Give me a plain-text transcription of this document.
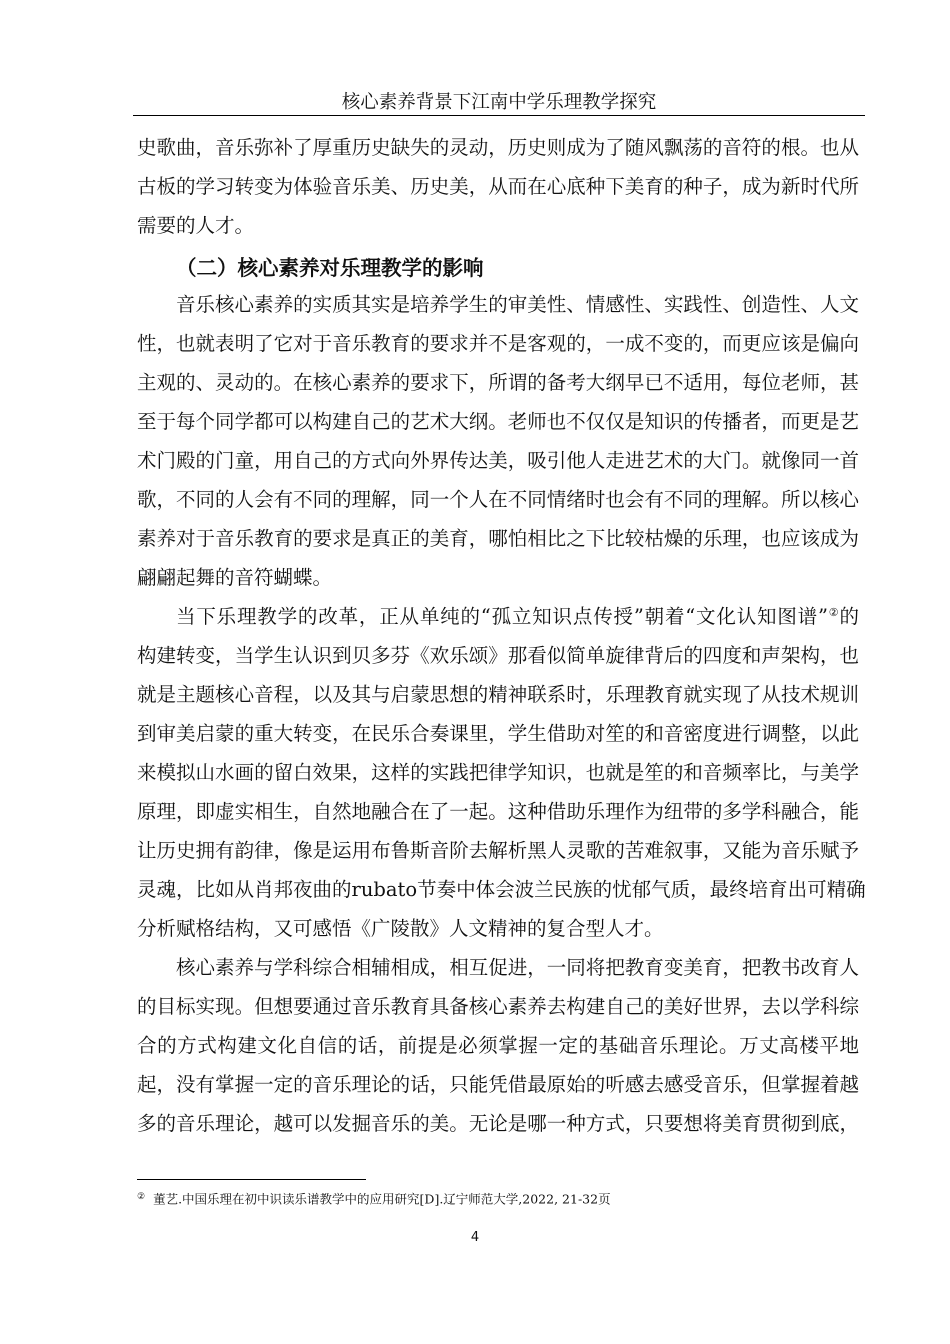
核心素养背景下江南中学乐理教学探究
史歌曲，音乐弥补了厚重历史缺失的灵动，历史则成为了随风飘荡的音符的根。也从
古板的学习转变为体验音乐美、历史美，从而在心底种下美育的种子，成为新时代所
需要的人才。
（二）核心素养对乐理教学的影响
音乐核心素养的实质其实是培养学生的审美性、情感性、实践性、创造性、人文
性，也就表明了它对于音乐教育的要求并不是客观的，一成不变的，而更应该是偏向
主观的、灵动的。在核心素养的要求下，所谓的备考大纲早已不适用，每位老师，甚
至于每个同学都可以构建自己的艺术大纲。老师也不仅仅是知识的传播者，而更是艺
术门殿的门童，用自己的方式向外界传达美，吸引他人走进艺术的大门。就像同一首
歌，不同的人会有不同的理解，同一个人在不同情绪时也会有不同的理解。所以核心
素养对于音乐教育的要求是真正的美育，哪怕相比之下比较枯燥的乐理，也应该成为
翩翩起舞的音符蝴蝶。
当下乐理教学的改革，正从单纯的“孤立知识点传授”朝着“文化认知图谱”②的
构建转变，当学生认识到贝多芬《欢乐颂》那看似简单旋律背后的四度和声架构，也
就是主题核心音程，以及其与启蒙思想的精神联系时，乐理教育就实现了从技术规训
到审美启蒙的重大转变，在民乐合奏课里，学生借助对笙的和音密度进行调整，以此
来模拟山水画的留白效果，这样的实践把律学知识，也就是笙的和音频率比，与美学
原理，即虚实相生，自然地融合在了一起。这种借助乐理作为纽带的多学科融合，能
让历史拥有韵律，像是运用布鲁斯音阶去解析黑人灵歌的苦难叙事，又能为音乐赋予
灵魂，比如从肖邦夜曲的rubato节奏中体会波兰民族的忧郁气质，最终培育出可精确
分析赋格结构，又可感悟《广陵散》人文精神的复合型人才。
核心素养与学科综合相辅相成，相互促进，一同将把教育变美育，把教书改育人
的目标实现。但想要通过音乐教育具备核心素养去构建自己的美好世界，去以学科综
合的方式构建文化自信的话，前提是必须掌握一定的基础音乐理论。万丈高楼平地
起，没有掌握一定的音乐理论的话，只能凭借最原始的听感去感受音乐，但掌握着越
多的音乐理论，越可以发掘音乐的美。无论是哪一种方式，只要想将美育贯彻到底，
② 董艺.中国乐理在初中识读乐谱教学中的应用研究[D].辽宁师范大学,2022, 21-32页
4
